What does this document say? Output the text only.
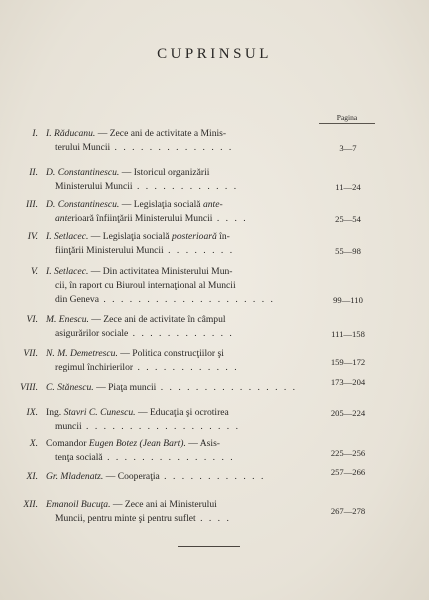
CUPRINSUL
Pagina
I. I. Răducanu. — Zece ani de activitate a Minis-
terului Muncii . . . . . . . . . . . . . .	3—7
II. D. Constantinescu. — Istoricul organizării
Ministerului Muncii . . . . . . . . . . . .	11—24
III. D. Constantinescu. — Legislaţia socială ante-
anterioară înfiinţării Ministerului Muncii . . . .	25—54
IV. I. Setlacec. — Legislaţia socială posterioară în-
fiinţării Ministerului Muncii . . . . . . . .	55—98
V. I. Setlacec. — Din activitatea Ministerului Mun-
cii, în raport cu Biuroul internaţional al Muncii
din Geneva . . . . . . . . . . . . . . . . . . . .	99—110
VI. M. Enescu. — Zece ani de activitate în câmpul
asigurărilor sociale . . . . . . . . . . . .	111—158
VII. N. M. Demetrescu. — Politica construcţiilor şi
regimul închirierilor . . . . . . . . . . . .	159—172
VIII. C. Stănescu. — Piaţa muncii . . . . . . . . . . . . . . . .	173—204
IX. Ing. Stavri C. Cunescu. — Educaţia şi ocrotirea
muncii . . . . . . . . . . . . . . . . . .
205—224
X. Comandor Eugen Botez (Jean Bart). — Asis-
tenţa socială . . . . . . . . . . . . . . .	225—256
XI. Gr. Mladenatz. — Cooperaţia . . . . . . . . . . . .	257—266
XII. Emanoil Bucuţa. — Zece ani ai Ministerului
Muncii, pentru minte şi pentru suflet . . . .
267—278
